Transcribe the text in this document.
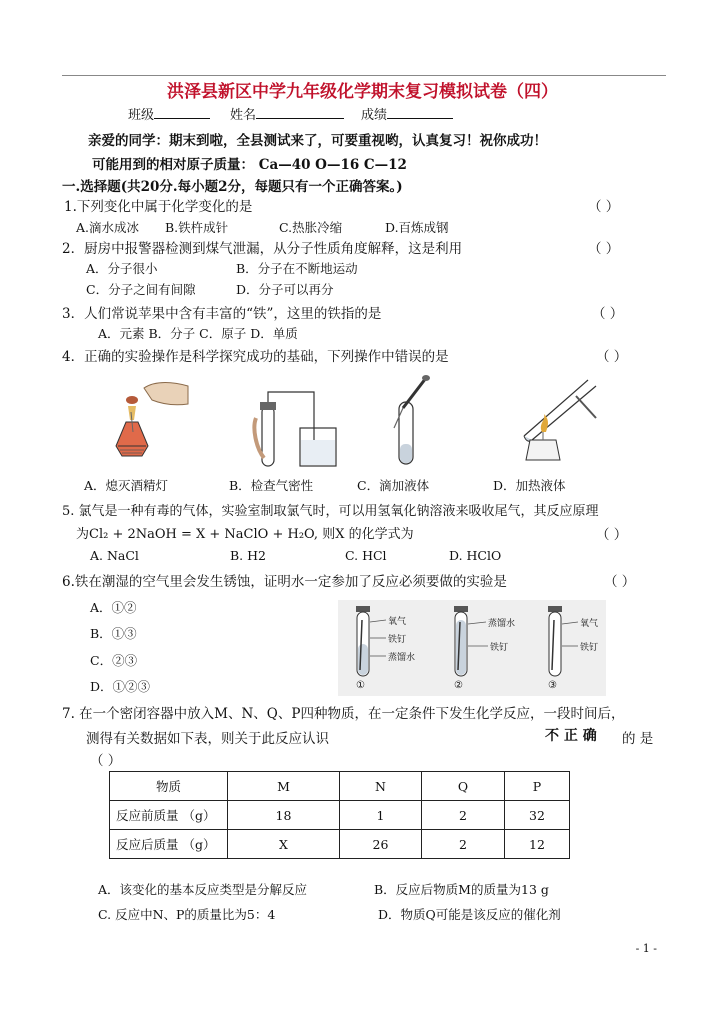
洪泽县新区中学九年级化学期末复习模拟试卷（四）
班级	姓名	成绩
亲爱的同学：期末到啦，全县测试来了，可要重视哟，认真复习！祝你成功！
可能用到的相对原子质量： Ca—40 O—16 C—12
一.选择题(共20分.每小题2分，每题只有一个正确答案。)
1.下列变化中属于化学变化的是	（ ）
A.滴水成冰 B.铁杵成针	C.热胀冷缩	D.百炼成钢
2．厨房中报警器检测到煤气泄漏，从分子性质角度解释，这是利用	（ ）
A．分子很小	B．分子在不断地运动
C．分子之间有间隙	D．分子可以再分
3．人们常说苹果中含有丰富的“铁”，这里的铁指的是	（ ）
A．元素 B．分子 C．原子 D．单质
4．正确的实验操作是科学探究成功的基础，下列操作中错误的是	（ ）
A．熄灭酒精灯	B．检查气密性	C．滴加液体	D．加热液体
5. 氯气是一种有毒的气体，实验室制取氯气时，可以用氢氧化钠溶液来吸收尾气，其反应原理
为Cl₂ + 2NaOH = X + NaClO + H₂O, 则X 的化学式为	（ ）
A. NaCl	B. H2	C. HCl	D. HClO
6.铁在潮湿的空气里会发生锈蚀，证明水一定参加了反应必须要做的实验是	（ ）
A．①②
B．①③
C．②③
D．①②③
氧气
铁钉
蒸馏水
蒸馏水
铁钉
氧气
铁钉
①	②	③
7. 在一个密闭容器中放入M、N、Q、P四种物质，在一定条件下发生化学反应，一段时间后，
测得有关数据如下表，则关于此反应认识	不 正 确 的 是
（ ）
物质	M	N	Q	P
反应前质量 （g）	18	1	2	32
反应后质量 （g）	X	26	2	12
A．该变化的基本反应类型是分解反应	B．反应后物质M的质量为13 g
C. 反应中N、P的质量比为5：4	D．物质Q可能是该反应的催化剂
- 1 -
